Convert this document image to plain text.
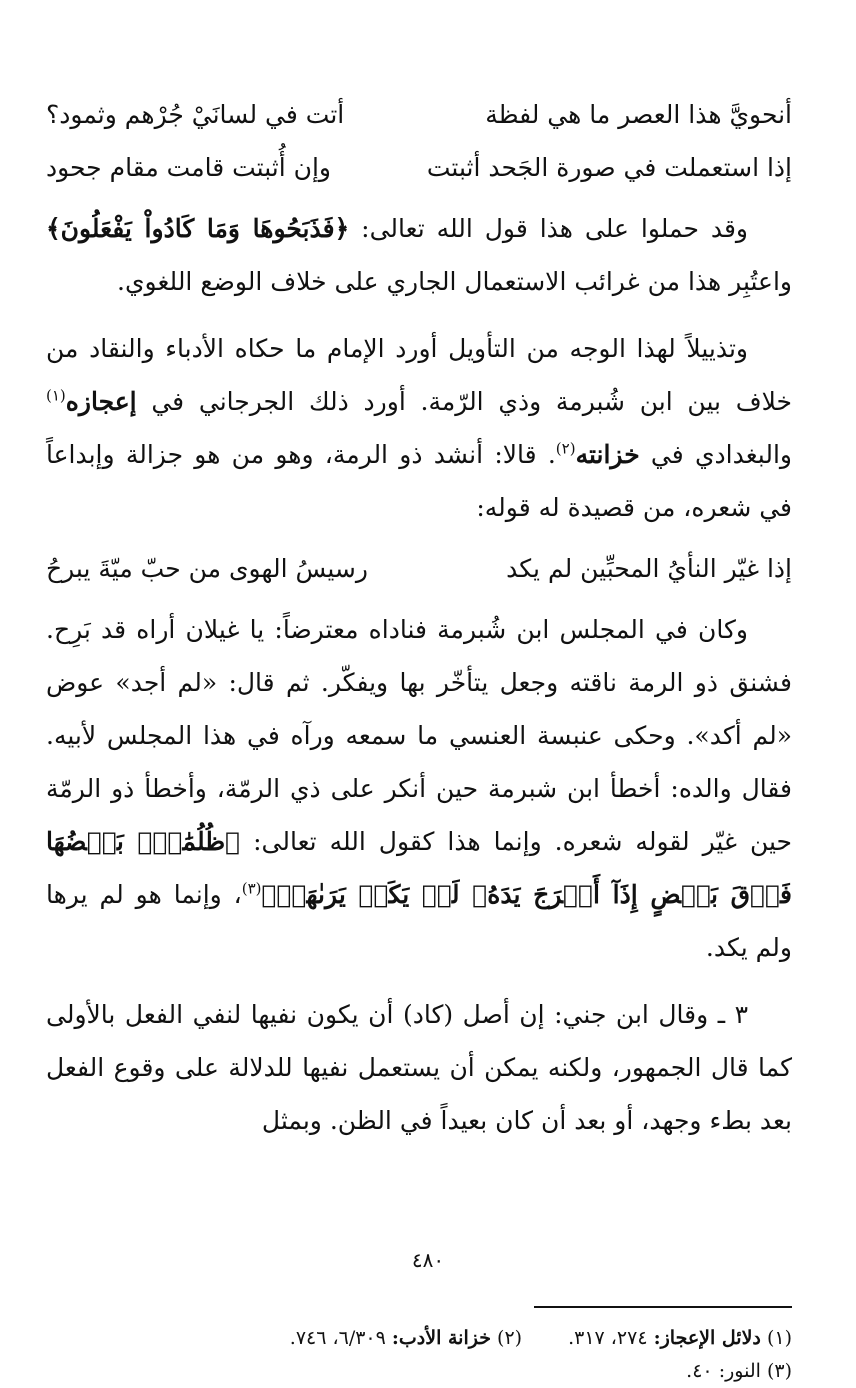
أنحويَّ هذا العصر ما هي لفظة
أتت في لسانَيْ جُرْهم وثمود؟
إذا استعملت في صورة الجَحد أثبتت
وإن أُثبتت قامت مقام جحود

وقد حملوا على هذا قول الله تعالى: ﴿فَذَبَحُوهَا وَمَا كَادُواْ يَفْعَلُونَ﴾ واعتُبِر هذا من غرائب الاستعمال الجاري على خلاف الوضع اللغوي.

وتذييلاً لهذا الوجه من التأويل أورد الإمام ما حكاه الأدباء والنقاد من خلاف بين ابن شُبرمة وذي الرّمة. أورد ذلك الجرجاني في إعجازه$^{(١)}$ والبغدادي في خزانته$^{(٢)}$. قالا: أنشد ذو الرمة، وهو من هو جزالة وإبداعاً في شعره، من قصيدة له قوله:

إذا غيّر النأيُ المحبِّين لم يكد
رسيسُ الهوى من حبّ ميّةَ يبرحُ

وكان في المجلس ابن شُبرمة فناداه معترضاً: يا غيلان أراه قد بَرِح. فشنق ذو الرمة ناقته وجعل يتأخّر بها ويفكّر. ثم قال: «لم أجد» عوض «لم أكد». وحكى عنبسة العنسي ما سمعه ورآه في هذا المجلس لأبيه. فقال والده: أخطأ ابن شبرمة حين أنكر على ذي الرمّة، وأخطأ ذو الرمّة حين غيّر لقوله شعره. وإنما هذا كقول الله تعالى: ﴿ظُلُمَٰتُۢ بَعۡضُهَا فَوۡقَ بَعۡضٍ إِذَآ أَخۡرَجَ يَدَهُۥ لَمۡ يَكَدۡ يَرَىٰهَاۗ﴾$^{(٣)}$، وإنما هو لم يرها ولم يكد.

٣ ـ وقال ابن جني: إن أصل (كاد) أن يكون نفيها لنفي الفعل بالأولى كما قال الجمهور، ولكنه يمكن أن يستعمل نفيها للدلالة على وقوع الفعل بعد بطء وجهد، أو بعد أن كان بعيداً في الظن. وبمثل

٤٨٠
(١) دلائل الإعجاز: ٢٧٤، ٣١٧.
(٢) خزانة الأدب: ٦/٣٠٩، ٧٤٦.
(٣) النور: ٤٠.
